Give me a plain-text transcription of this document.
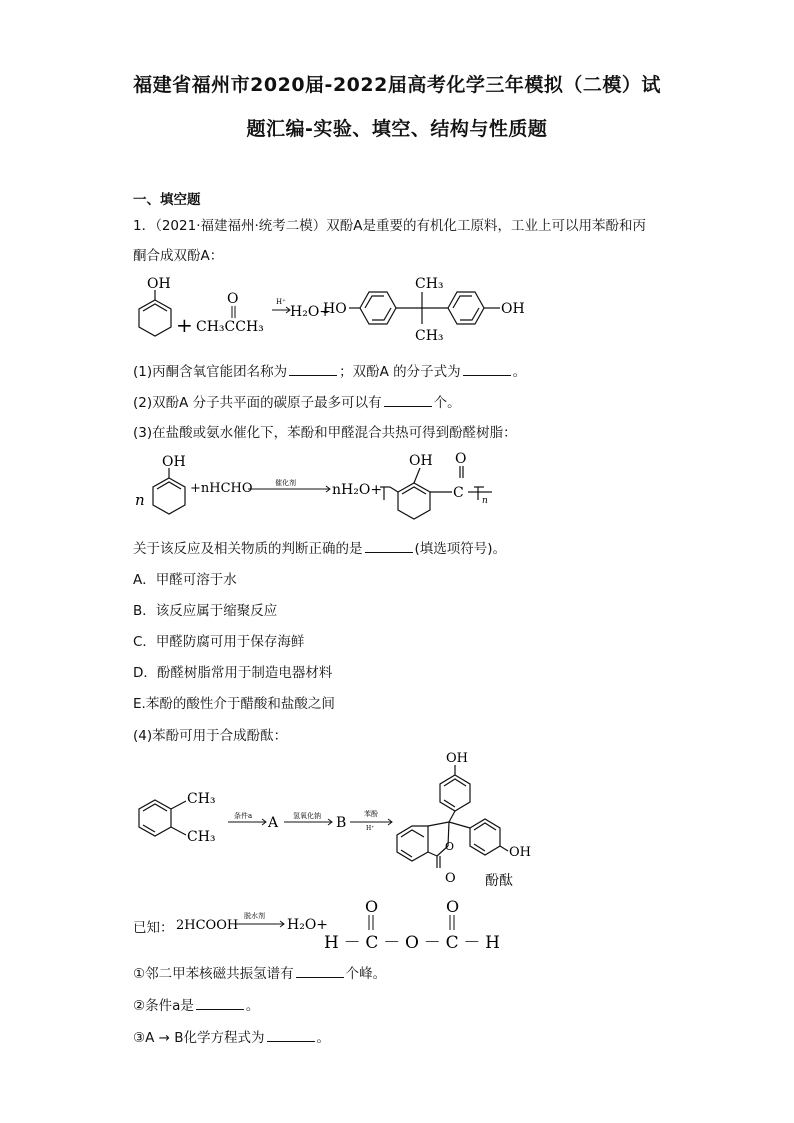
福建省福州市2020届-2022届高考化学三年模拟（二模）试
题汇编-实验、填空、结构与性质题
一、填空题
1．（2021·福建福州·统考二模）双酚A是重要的有机化工原料，工业上可以用苯酚和丙
酮合成双酚A：
OH
+
O
CH₃CCH₃
H⁺
H₂O+
HO
CH₃
CH₃
OH
(1)丙酮含氧官能团名称为	；双酚A 的分子式为	。
(2)双酚A 分子共平面的碳原子最多可以有	个。
(3)在盐酸或氨水催化下，苯酚和甲醛混合共热可得到酚醛树脂：
n
OH
+nHCHO	催化剂	nH₂O+
OH O
C n
关于该反应及相关物质的判断正确的是	(填选项符号)。
A．甲醛可溶于水
B．该反应属于缩聚反应
C．甲醛防腐可用于保存海鲜
D．酚醛树脂常用于制造电器材料
E.苯酚的酸性介于醋酸和盐酸之间
(4)苯酚可用于合成酚酞：
CH₃
CH₃
条件a A 氢氧化钠 B
苯酚
H⁺
OH
OH
O
O 酚酞
已知： 2HCOOH
脱水剂
H₂O+
O	O
H－C－O－C－H
①邻二甲苯核磁共振氢谱有	个峰。
②条件a是	。
③A → B化学方程式为	。
